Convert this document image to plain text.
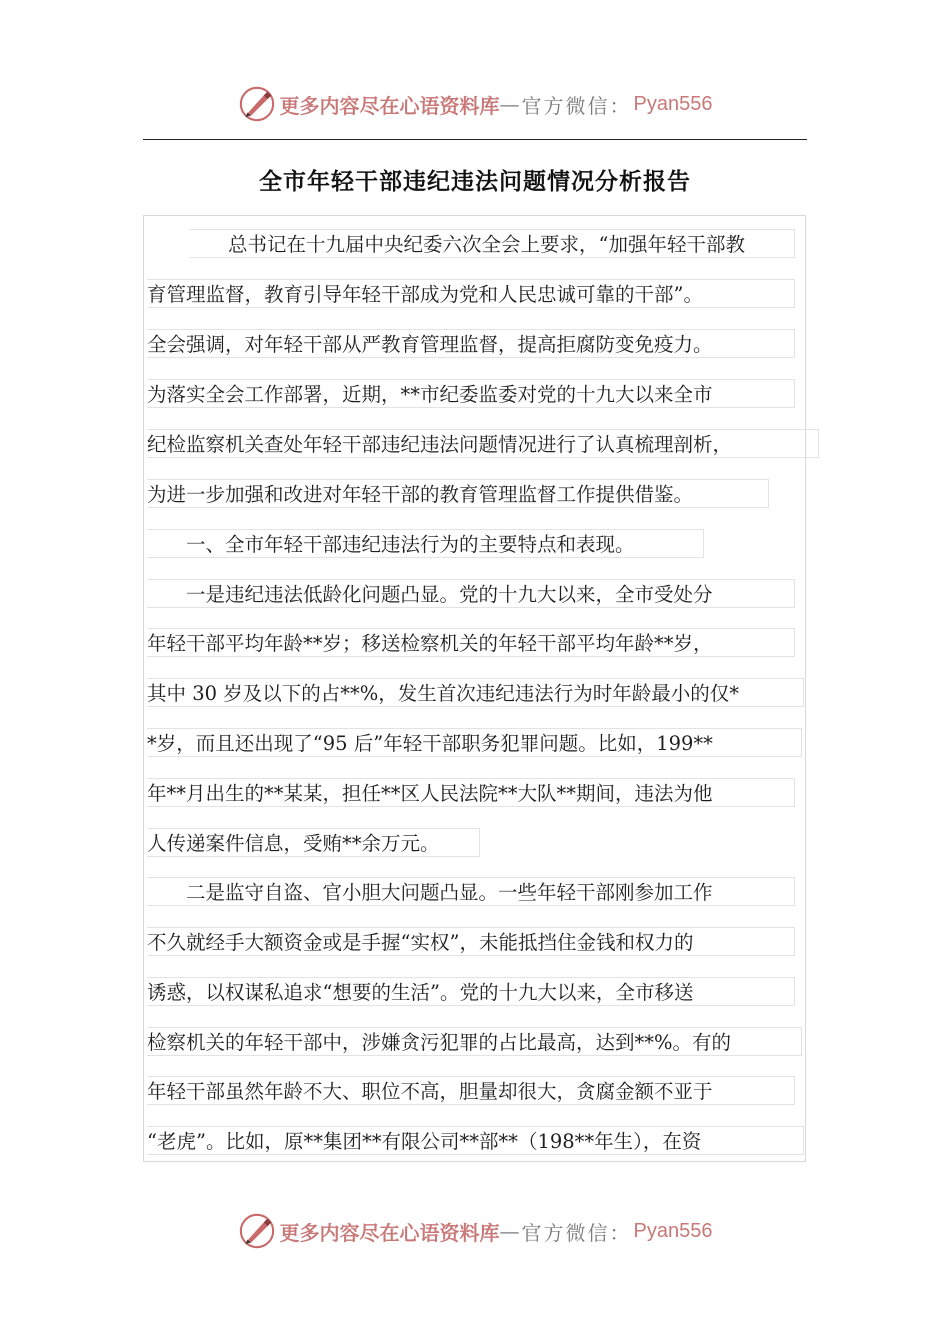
更多内容尽在心语资料库 — 官方微信： Pyan556
全市年轻干部违纪违法问题情况分析报告
　　总书记在十九届中央纪委六次全会上要求，“加强年轻干部教
育管理监督，教育引导年轻干部成为党和人民忠诚可靠的干部”。
全会强调，对年轻干部从严教育管理监督，提高拒腐防变免疫力。
为落实全会工作部署，近期，**市纪委监委对党的十九大以来全市
纪检监察机关查处年轻干部违纪违法问题情况进行了认真梳理剖析，
为进一步加强和改进对年轻干部的教育管理监督工作提供借鉴。
　　一、全市年轻干部违纪违法行为的主要特点和表现。
　　一是违纪违法低龄化问题凸显。党的十九大以来，全市受处分
年轻干部平均年龄**岁；移送检察机关的年轻干部平均年龄**岁，
其中 30 岁及以下的占**%，发生首次违纪违法行为时年龄最小的仅*
*岁，而且还出现了“95 后”年轻干部职务犯罪问题。比如，199**
年**月出生的**某某，担任**区人民法院**大队**期间，违法为他
人传递案件信息，受贿**余万元。
　　二是监守自盗、官小胆大问题凸显。一些年轻干部刚参加工作
不久就经手大额资金或是手握“实权”，未能抵挡住金钱和权力的
诱惑，以权谋私追求“想要的生活”。党的十九大以来，全市移送
检察机关的年轻干部中，涉嫌贪污犯罪的占比最高，达到**%。有的
年轻干部虽然年龄不大、职位不高，胆量却很大，贪腐金额不亚于
“老虎”。比如，原**集团**有限公司**部**（198**年生），在资
更多内容尽在心语资料库 — 官方微信： Pyan556
